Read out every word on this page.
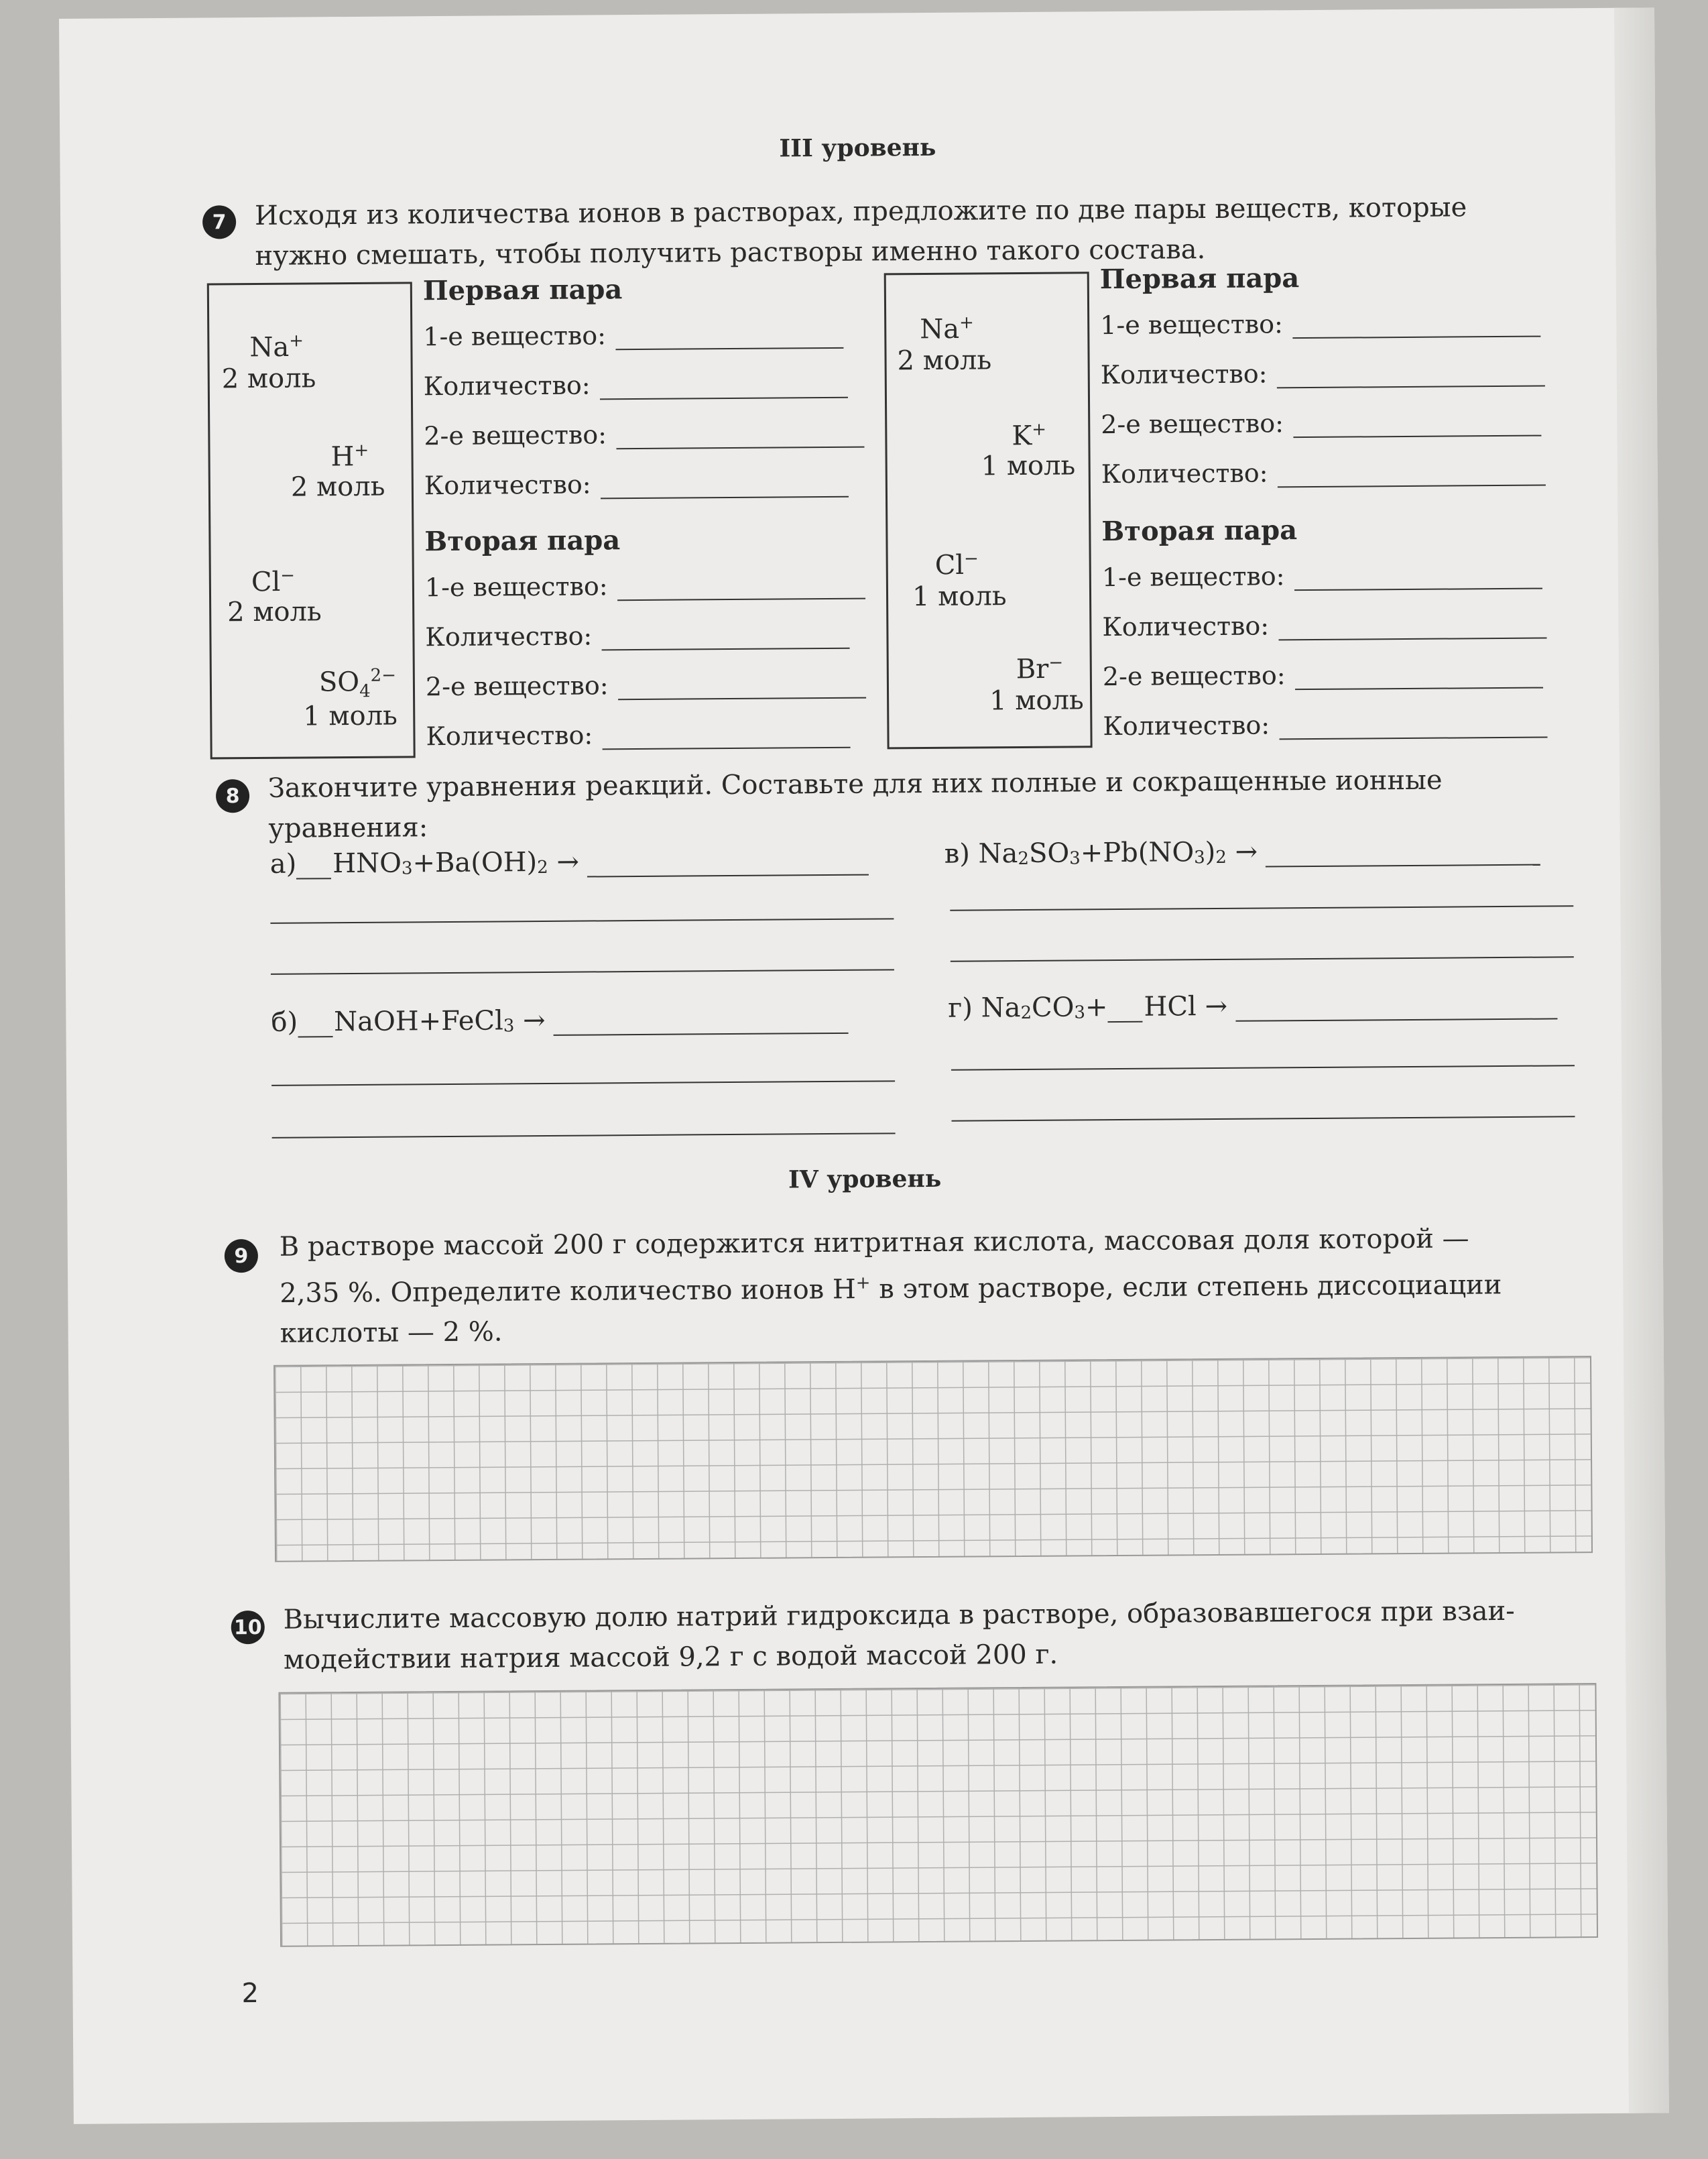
III уровень
7	Исходя из количества ионов в растворах, предложите по две пары веществ, которые
нужно смешать, чтобы получить растворы именно такого состава.
Na+
2 моль
H+
2 моль
Cl−
2 моль
$SO_4^{2-}$
1 моль
Первая пара
1-е вещество:
Количество:
2-е вещество:
Количество:
Вторая пара
1-е вещество:
Количество:
2-е вещество:
Количество:
Na+
2 моль
K+
1 моль
Cl−
1 моль
Br−
1 моль
Первая пара
1-е вещество:
Количество:
2-е вещество:
Количество:
Вторая пара
1-е вещество:
Количество:
2-е вещество:
Количество:
8	Закончите уравнения реакций. Составьте для них полные и сокращенные ионные
уравнения:
а) HNO 3 + Ba(OH) 2
→
б) NaOH + FeCl 3
→
в)
Na 2 SO 3 + Pb(NO 3 ) 2
→
г)
Na 2 CO 3 + HCl
→
IV уровень
9	В растворе массой 200 г содержится нитритная кислота, массовая доля которой —
2,35 %. Определите количество ионов H+ в этом растворе, если степень диссоциации
кислоты — 2 %.
10 Вычислите массовую долю натрий гидроксида в растворе, образовавшегося при взаи-
модействии натрия массой 9,2 г с водой массой 200 г.
2
